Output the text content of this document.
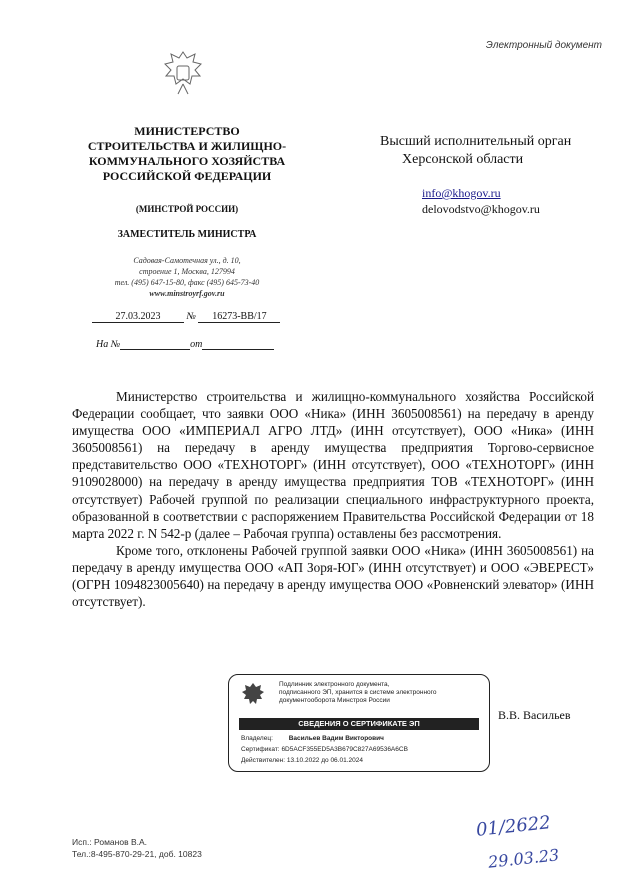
Электронный документ
МИНИСТЕРСТВО
СТРОИТЕЛЬСТВА И ЖИЛИЩНО-
КОММУНАЛЬНОГО ХОЗЯЙСТВА
РОССИЙСКОЙ ФЕДЕРАЦИИ
(МИНСТРОЙ РОССИИ)
ЗАМЕСТИТЕЛЬ МИНИСТРА
Садовая-Самотечная ул., д. 10,
строение 1, Москва, 127994
тел. (495) 647-15-80, факс (495) 645-73-40
www.minstroyrf.gov.ru
27.03.2023	№ 16273-ВВ/17
На №	от
Высший исполнительный орган
Херсонской области
info@khogov.ru
delovodstvo@khogov.ru

Министерство строительства и жилищно-коммунального хозяйства Российской Федерации сообщает, что заявки ООО «Ника» (ИНН 3605008561) на передачу в аренду имущества ООО «ИМПЕРИАЛ АГРО ЛТД» (ИНН отсутствует), ООО «Ника» (ИНН 3605008561) на передачу в аренду имущества предприятия Торгово-сервисное представительство ООО «ТЕХНОТОРГ» (ИНН отсутствует), ООО «ТЕХНОТОРГ» (ИНН 9109028000) на передачу в аренду имущества предприятия ТОВ «ТЕХНОТОРГ» (ИНН отсутствует) Рабочей группой по реализации специального инфраструктурного проекта, образованной в соответствии с распоряжением Правительства Российской Федерации от 18 марта 2022 г. N 542-р (далее – Рабочая группа) оставлены без рассмотрения.

Кроме того, отклонены Рабочей группой заявки ООО «Ника» (ИНН 3605008561) на передачу в аренду имущества ООО «АП Зоря-ЮГ» (ИНН отсутствует) и ООО «ЭВЕРЕСТ» (ОГРН 1094823005640) на передачу в аренду имущества ООО «Ровненский элеватор» (ИНН отсутствует).

Подлинник электронного документа,
подписанного ЭП, хранится в системе электронного
документооборота Минстроя России
СВЕДЕНИЯ О СЕРТИФИКАТЕ ЭП
Владелец: Васильев Вадим Викторович
Сертификат: 6D5ACF355ED5A3B679C827A69536A6CB
Действителен: 13.10.2022 до 06.01.2024
В.В. Васильев
Исп.: Романов В.А.
Тел.:8-495-870-29-21, доб. 10823
01/2622
29.03.23
